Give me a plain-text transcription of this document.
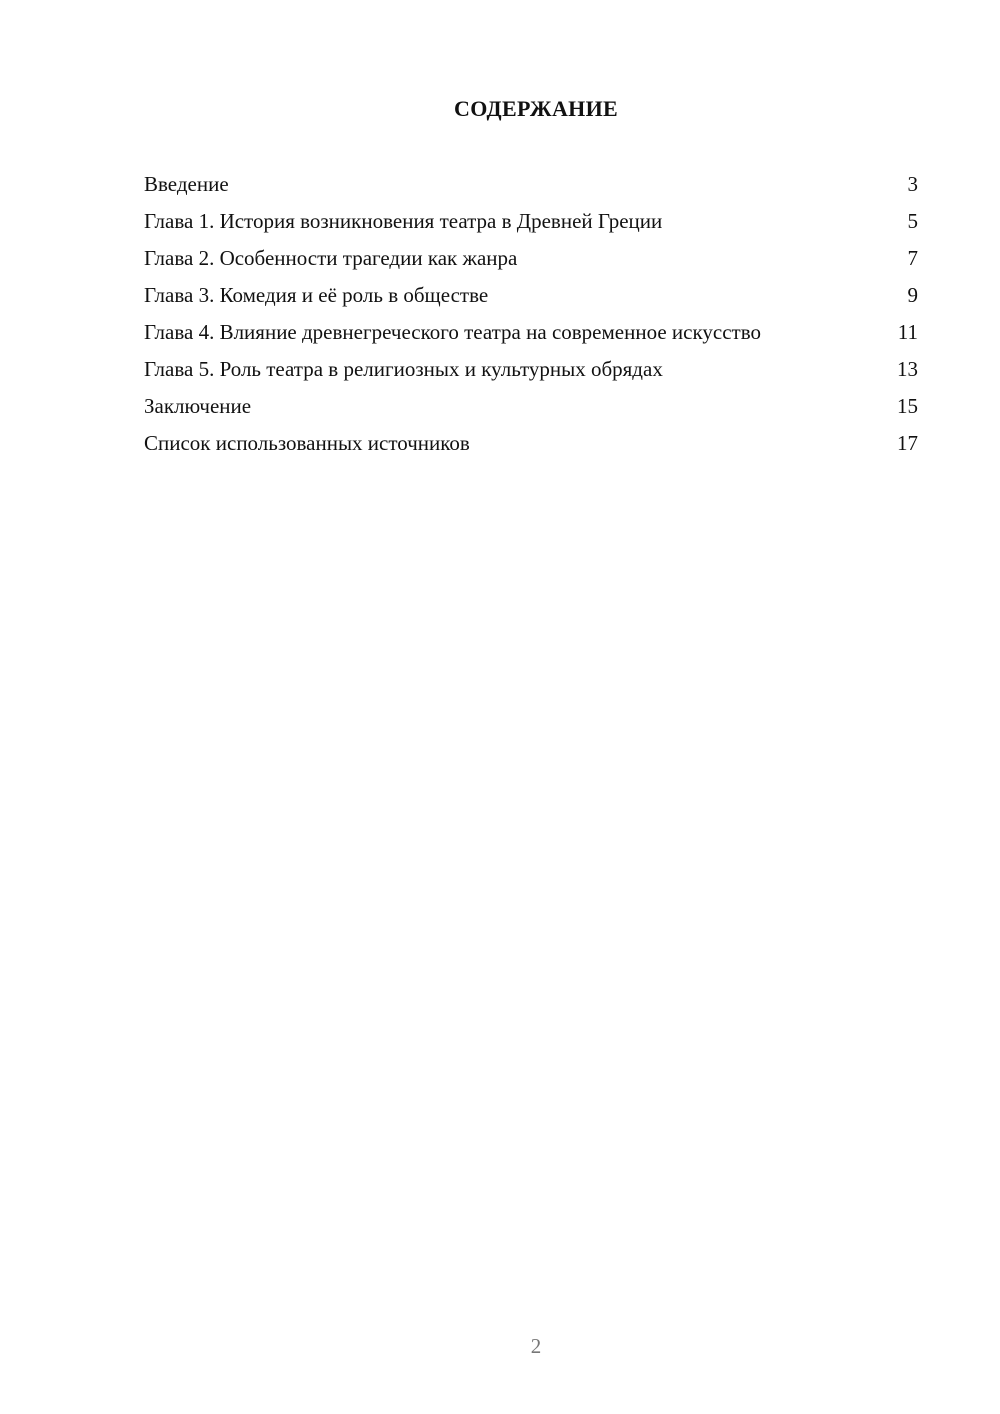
СОДЕРЖАНИЕ
Введение	3
Глава 1. История возникновения театра в Древней Греции	5
Глава 2. Особенности трагедии как жанра	7
Глава 3. Комедия и её роль в обществе	9
Глава 4. Влияние древнегреческого театра на современное искусство	11
Глава 5. Роль театра в религиозных и культурных обрядах	13
Заключение	15
Список использованных источников	17
2
